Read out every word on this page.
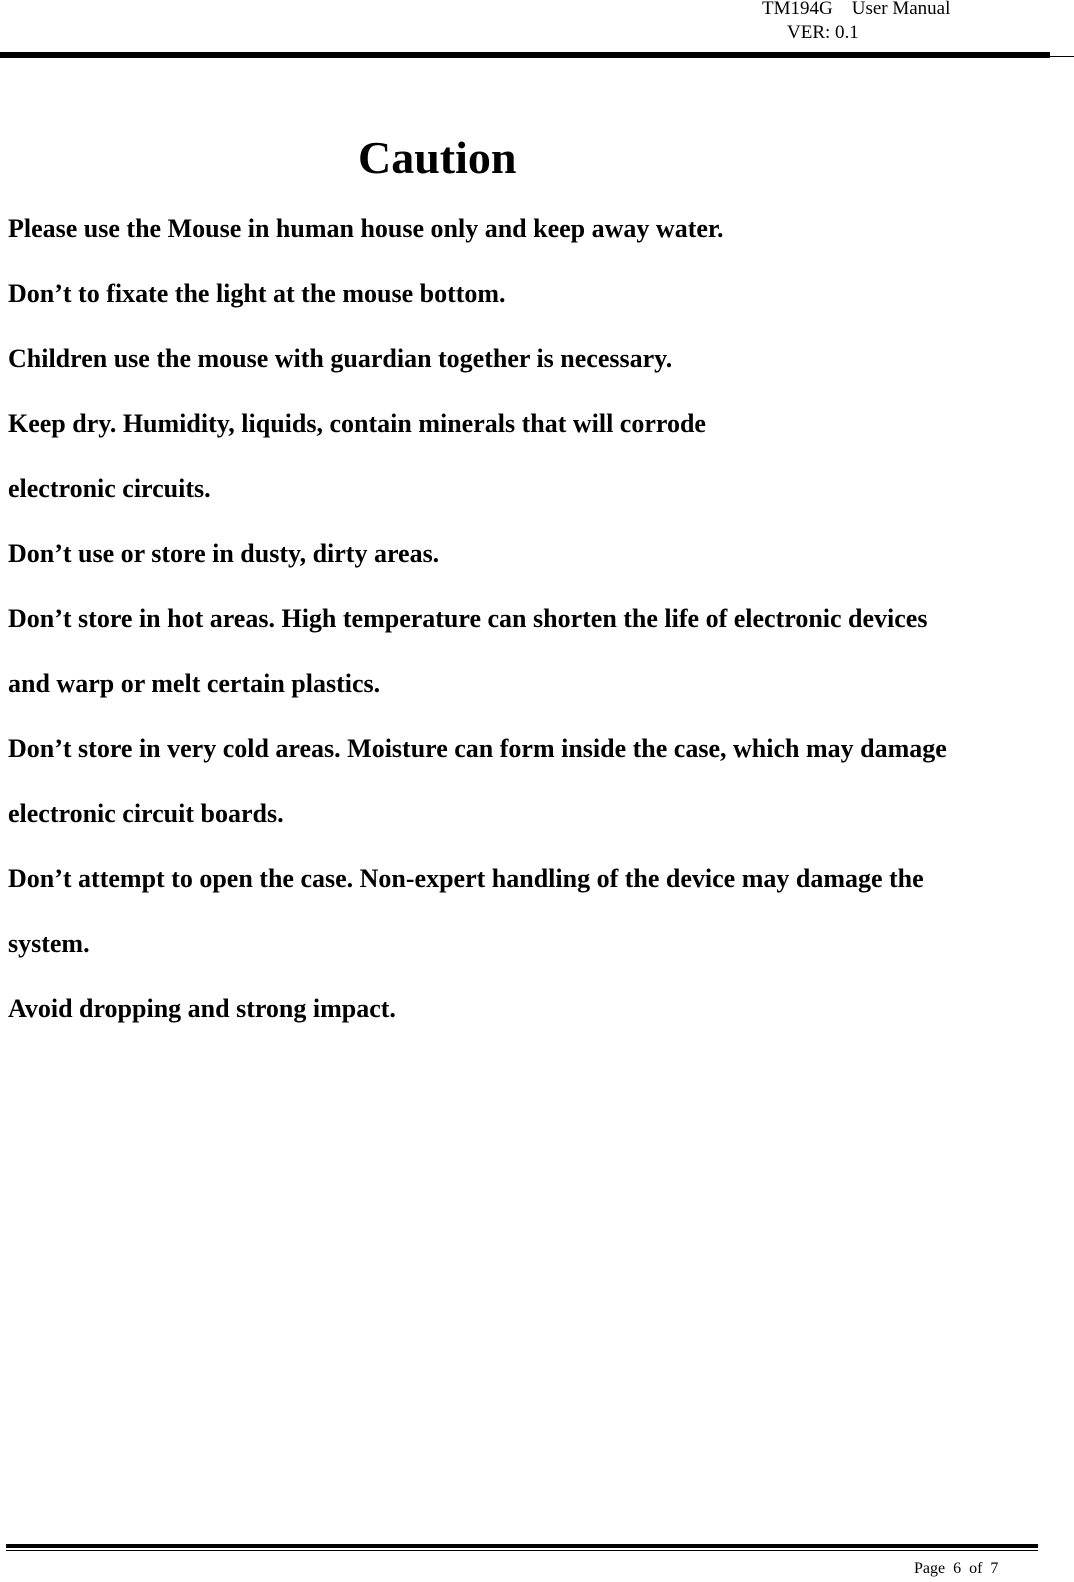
TM194G    User Manual
VER: 0.1
Caution
Please use the Mouse in human house only and keep away water.
Don’t to fixate the light at the mouse bottom.
Children use the mouse with guardian together is necessary.
Keep dry. Humidity, liquids, contain minerals that will corrode
electronic circuits.
Don’t use or store in dusty, dirty areas.
Don’t store in hot areas. High temperature can shorten the life of electronic devices
and warp or melt certain plastics.
Don’t store in very cold areas. Moisture can form inside the case, which may damage
electronic circuit boards.
Don’t attempt to open the case. Non-expert handling of the device may damage the
system.
Avoid dropping and strong impact.
Page  6  of  7
